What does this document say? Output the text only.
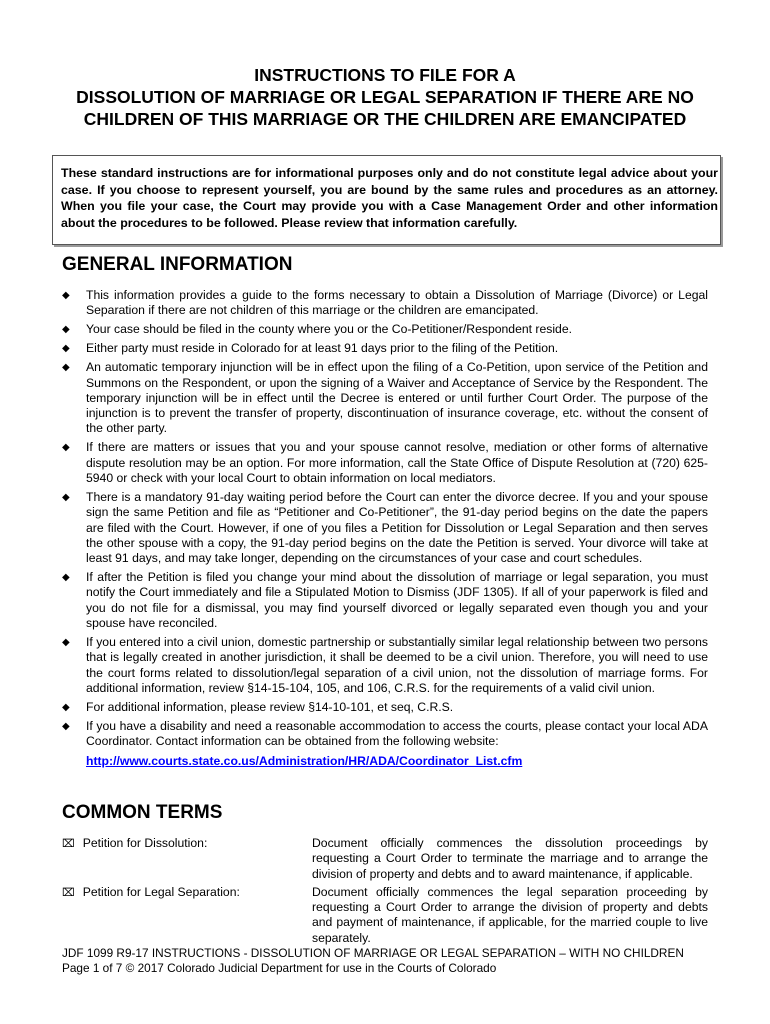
INSTRUCTIONS TO FILE FOR A
DISSOLUTION OF MARRIAGE OR LEGAL SEPARATION IF THERE ARE NO
CHILDREN OF THIS MARRIAGE OR THE CHILDREN ARE EMANCIPATED
These standard instructions are for informational purposes only and do not constitute legal advice about your case. If you choose to represent yourself, you are bound by the same rules and procedures as an attorney. When you file your case, the Court may provide you with a Case Management Order and other information about the procedures to be followed. Please review that information carefully.
GENERAL INFORMATION
◆ This information provides a guide to the forms necessary to obtain a Dissolution of Marriage (Divorce) or Legal Separation if there are not children of this marriage or the children are emancipated.
◆ Your case should be filed in the county where you or the Co-Petitioner/Respondent reside.
◆ Either party must reside in Colorado for at least 91 days prior to the filing of the Petition.
◆ An automatic temporary injunction will be in effect upon the filing of a Co-Petition, upon service of the Petition and Summons on the Respondent, or upon the signing of a Waiver and Acceptance of Service by the Respondent. The temporary injunction will be in effect until the Decree is entered or until further Court Order. The purpose of the injunction is to prevent the transfer of property, discontinuation of insurance coverage, etc. without the consent of the other party.
◆ If there are matters or issues that you and your spouse cannot resolve, mediation or other forms of alternative dispute resolution may be an option. For more information, call the State Office of Dispute Resolution at (720) 625-5940 or check with your local Court to obtain information on local mediators.
◆ There is a mandatory 91-day waiting period before the Court can enter the divorce decree. If you and your spouse sign the same Petition and file as “Petitioner and Co-Petitioner”, the 91-day period begins on the date the papers are filed with the Court. However, if one of you files a Petition for Dissolution or Legal Separation and then serves the other spouse with a copy, the 91-day period begins on the date the Petition is served. Your divorce will take at least 91 days, and may take longer, depending on the circumstances of your case and court schedules.
◆ If after the Petition is filed you change your mind about the dissolution of marriage or legal separation, you must notify the Court immediately and file a Stipulated Motion to Dismiss (JDF 1305). If all of your paperwork is filed and you do not file for a dismissal, you may find yourself divorced or legally separated even though you and your spouse have reconciled.
◆ If you entered into a civil union, domestic partnership or substantially similar legal relationship between two persons that is legally created in another jurisdiction, it shall be deemed to be a civil union. Therefore, you will need to use the court forms related to dissolution/legal separation of a civil union, not the dissolution of marriage forms. For additional information, review §14-15-104, 105, and 106, C.R.S. for the requirements of a valid civil union.
◆ For additional information, please review §14-10-101, et seq, C.R.S.
◆ If you have a disability and need a reasonable accommodation to access the courts, please contact your local ADA Coordinator. Contact information can be obtained from the following website:
http://www.courts.state.co.us/Administration/HR/ADA/Coordinator_List.cfm
COMMON TERMS
⌧ Petition for Dissolution:	Document officially commences the dissolution proceedings by requesting a Court Order to terminate the marriage and to arrange the division of property and debts and to award maintenance, if applicable.
⌧ Petition for Legal Separation:	Document officially commences the legal separation proceeding by requesting a Court Order to arrange the division of property and debts and payment of maintenance, if applicable, for the married couple to live separately.
JDF 1099 R9-17 INSTRUCTIONS - DISSOLUTION OF MARRIAGE OR LEGAL SEPARATION – WITH NO CHILDREN
Page 1 of 7 © 2017 Colorado Judicial Department for use in the Courts of Colorado
